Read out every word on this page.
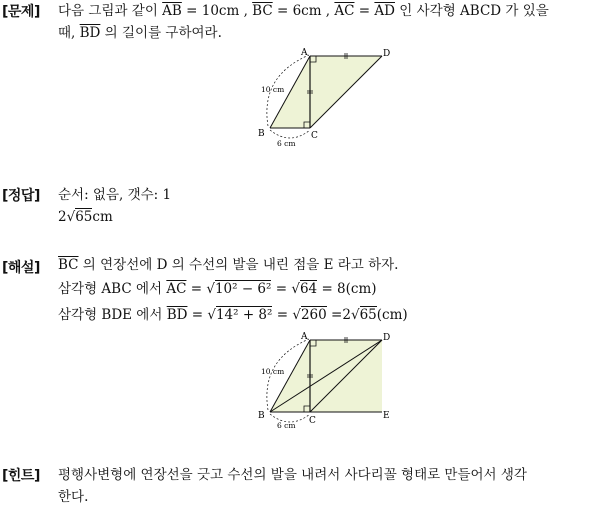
[문제] 다음 그림과 같이 $\overline{AB} = 10cm$ , $\overline{BC} = 6cm$ , $\overline{AC} = \overline{AD}$ 인 사각형 ABCD 가 있을
때, $\overline{BD}$ 의 길이를 구하여라.
A	D
B	C
10 cm
6 cm
[정답] 순서: 없음, 갯수: 1
2√65cm
[해설] $\overline{BC}$ 의 연장선에 D 의 수선의 발을 내린 점을 E 라고 하자.
삼각형 ABC 에서 $\overline{AC} = √10^2 - 6^2 = √64 = 8(cm)$
삼각형 BDE 에서 $\overline{BD} = √14^2 + 8^2 = √260 =2√65(cm)$
A	D
B	C	E
10 cm
6 cm
[힌트] 평행사변형에 연장선을 긋고 수선의 발을 내려서 사다리꼴 형태로 만들어서 생각
한다.
